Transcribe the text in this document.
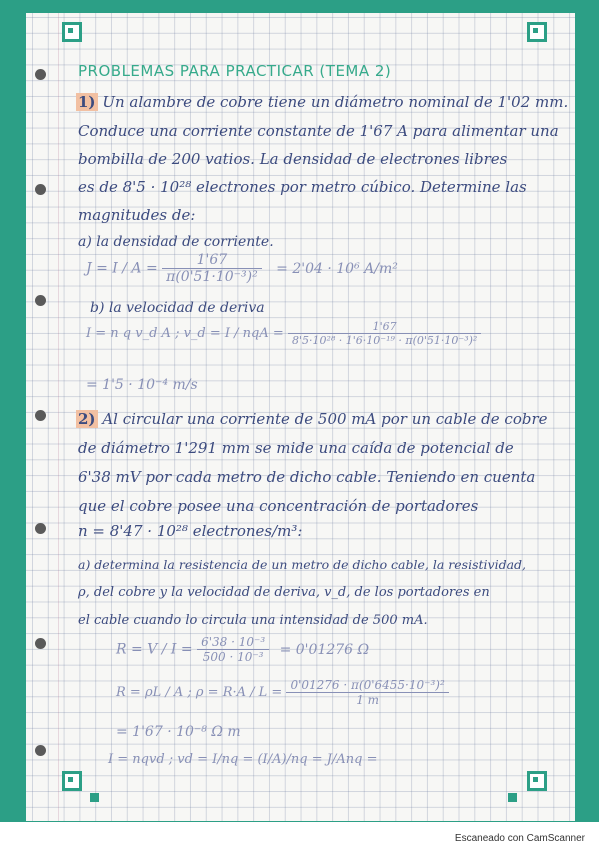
PROBLEMAS PARA PRACTICAR (TEMA 2)
1) Un alambre de cobre tiene un diámetro nominal de 1'02 mm.
Conduce una corriente constante de 1'67 A para alimentar una
bombilla de 200 vatios. La densidad de electrones libres
es de 8'5 · 10²⁸ electrones por metro cúbico. Determine las
magnitudes de:
a) la densidad de corriente.
$J = I / A = \frac{1'67}{\text{π(0'51·10⁻³)²}} = 2'04 \cdot 10^6$ A/m²
b) la velocidad de deriva
I = n q v_d A ; v_d = I / nqA = $\frac{1'67}{\text{8'5·10²⁸ · 1'6·10⁻¹⁹ · π(0'51·10⁻³)²}}$
= 1'5 · 10⁻⁴ m/s
2) Al circular una corriente de 500 mA por un cable de cobre
de diámetro 1'291 mm se mide una caída de potencial de
6'38 mV por cada metro de dicho cable. Teniendo en cuenta
que el cobre posee una concentración de portadores
n = 8'47 · 10²⁸ electrones/m³:
a) determina la resistencia de un metro de dicho cable, la resistividad,
ρ, del cobre y la velocidad de deriva, v_d, de los portadores en
el cable cuando lo circula una intensidad de 500 mA.
$R = V / I = \frac{\text{6'38 · 10⁻³}}{\text{500 · 10⁻³}} = 0'01276$ Ω
R = ρL / A ; $\rho = R\cdot A / L = \frac{\text{0'01276 · π(0'6455·10⁻³)²}}{1 m}$
= 1'67 · 10⁻⁸ Ω m
I = nqvd ; vd = I/nq = (I/A)/nq = J/Anq =
Escaneado con CamScanner
